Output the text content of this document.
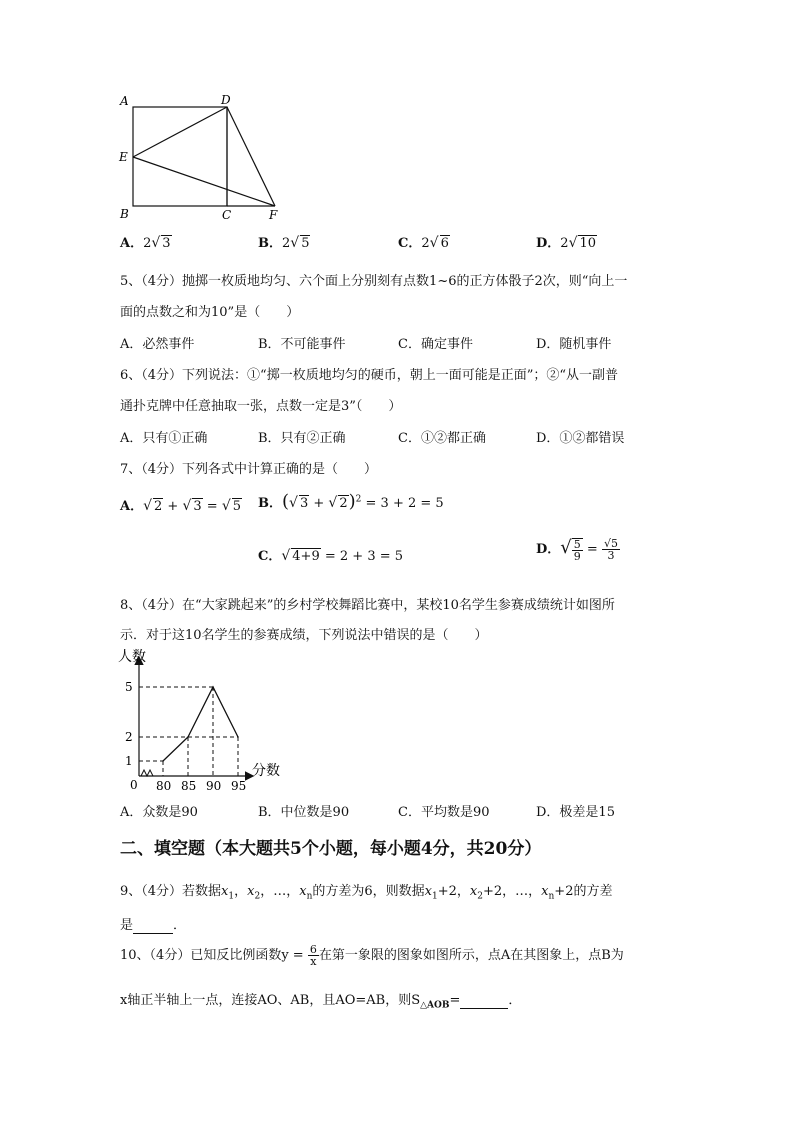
A	D
E
B	C	F
A．2√ 3	B．2√ 5	C．2√ 6	D．2√ 10
5、（4分）抛掷一枚质地均匀、六个面上分别刻有点数1~6的正方体骰子2次，则“向上一
面的点数之和为10”是（　　）
A．必然事件	B．不可能事件	C．确定事件	D．随机事件
6、（4分）下列说法：①“掷一枚质地均匀的硬币，朝上一面可能是正面”；②“从一副普
通扑克牌中任意抽取一张，点数一定是3”（　　）
A．只有①正确	B．只有②正确	C．①②都正确	D．①②都错误
7、（4分）下列各式中计算正确的是（　　）
A．√ 2 + √ 3 = √ 5 B．(√ 3 + √ 2)$^2$ = 3 + 2 = 5
C．√ 4+9 = 2 + 3 = 5	D．√ $\frac{5}{9} = \frac{√5}{3}$
8、（4分）在“大家跳起来”的乡村学校舞蹈比赛中，某校10名学生参赛成绩统计如图所
示．对于这10名学生的参赛成绩，下列说法中错误的是（　　）
人数
分数
0 80 85 90 95
1
2
5
A．众数是90	B．中位数是90	C．平均数是90	D．极差是15
二、填空题（本大题共5个小题，每小题4分，共20分）
9、（4分）若数据$x_1$，$x_2$，…，$x_n$的方差为6，则数据$x_1+2$，$x_2+2$，…，$x_n+2$的方差
是	．
10、（4分）已知反比例函数$y = \frac{6}{x}$ 在第一象限的图象如图所示，点A在其图象上，点B为
x轴正半轴上一点，连接AO、AB，且AO=AB，则$S_{\triangle AOB}=$	．
